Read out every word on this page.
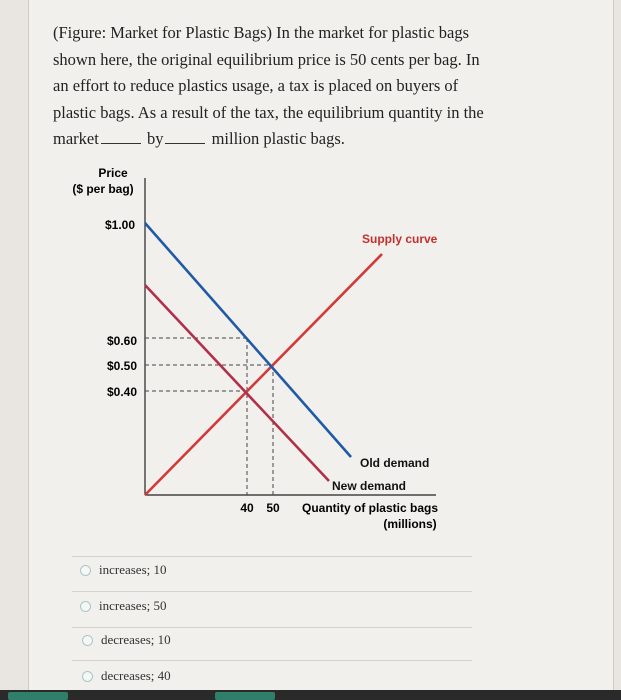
(Figure: Market for Plastic Bags) In the market for plastic bags
shown here, the original equilibrium price is 50 cents per bag. In
an effort to reduce plastics usage, a tax is placed on buyers of
plastic bags. As a result of the tax, the equilibrium quantity in the
market	by	million plastic bags.
Price
($ per bag)
Quantity of plastic bags
(millions)
$1.00
$0.60
$0.50
$0.40
40 50
Supply curve
Old demand
New demand
increases; 10
increases; 50
decreases; 10
decreases; 40
